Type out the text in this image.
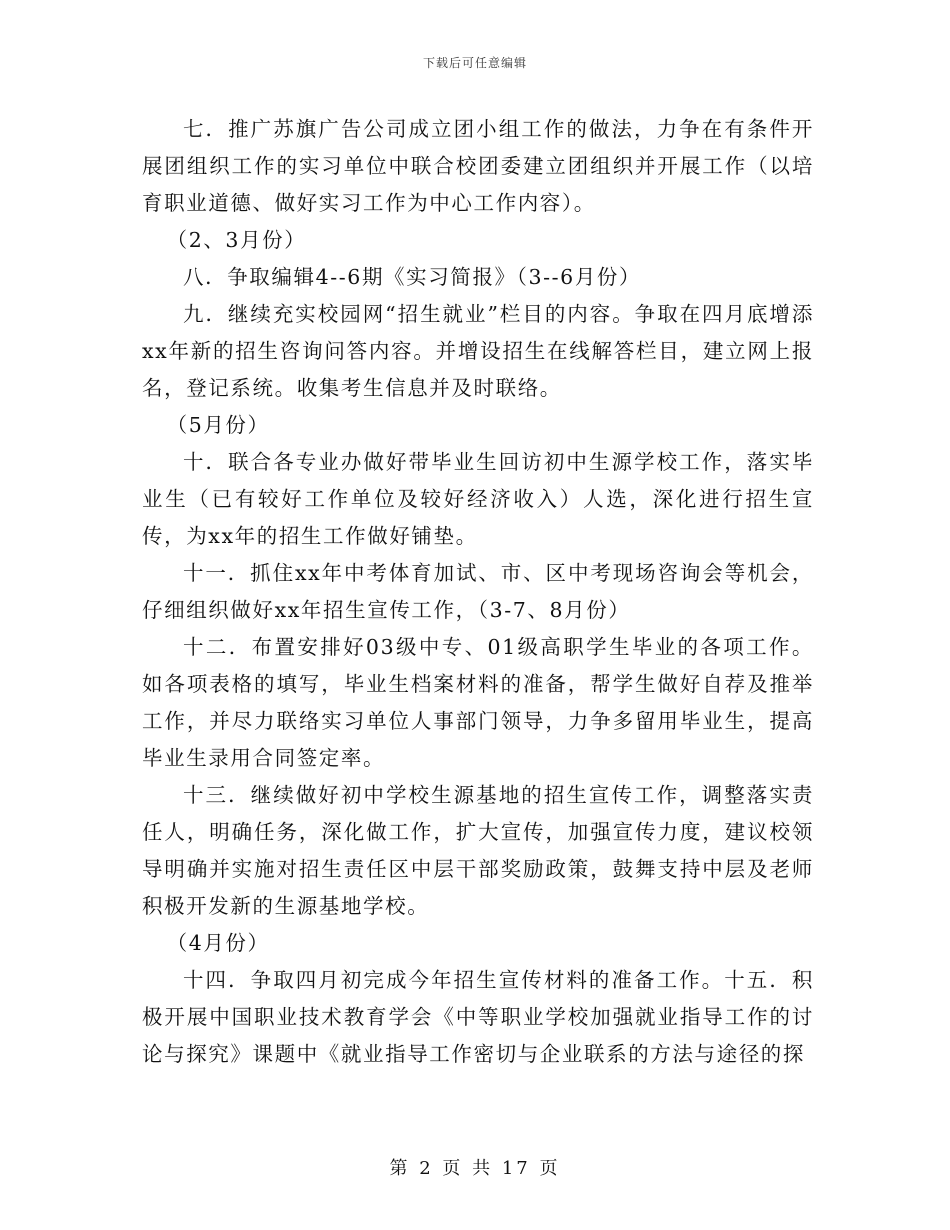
下载后可任意编辑

七．推广苏旗广告公司成立团小组工作的做法，力争在有条件开展团组织工作的实习单位中联合校团委建立团组织并开展工作（以培育职业道德、做好实习工作为中心工作内容）。

（2、3月份）

八．争取编辑4--6期《实习简报》（3--6月份）

九．继续充实校园网“招生就业”栏目的内容。争取在四月底增添xx年新的招生咨询问答内容。并增设招生在线解答栏目，建立网上报名，登记系统。收集考生信息并及时联络。

（5月份）

十．联合各专业办做好带毕业生回访初中生源学校工作，落实毕业生（已有较好工作单位及较好经济收入）人选，深化进行招生宣传，为xx年的招生工作做好铺垫。

十一．抓住xx年中考体育加试、市、区中考现场咨询会等机会，仔细组织做好xx年招生宣传工作，（3-7、8月份）

十二．布置安排好03级中专、01级高职学生毕业的各项工作。如各项表格的填写，毕业生档案材料的准备，帮学生做好自荐及推举工作，并尽力联络实习单位人事部门领导，力争多留用毕业生，提高毕业生录用合同签定率。

十三．继续做好初中学校生源基地的招生宣传工作，调整落实责任人，明确任务，深化做工作，扩大宣传，加强宣传力度，建议校领导明确并实施对招生责任区中层干部奖励政策，鼓舞支持中层及老师积极开发新的生源基地学校。

（4月份）

十四．争取四月初完成今年招生宣传材料的准备工作。十五．积极开展中国职业技术教育学会《中等职业学校加强就业指导工作的讨论与探究》课题中《就业指导工作密切与企业联系的方法与途径的探

第 2 页 共 17 页
